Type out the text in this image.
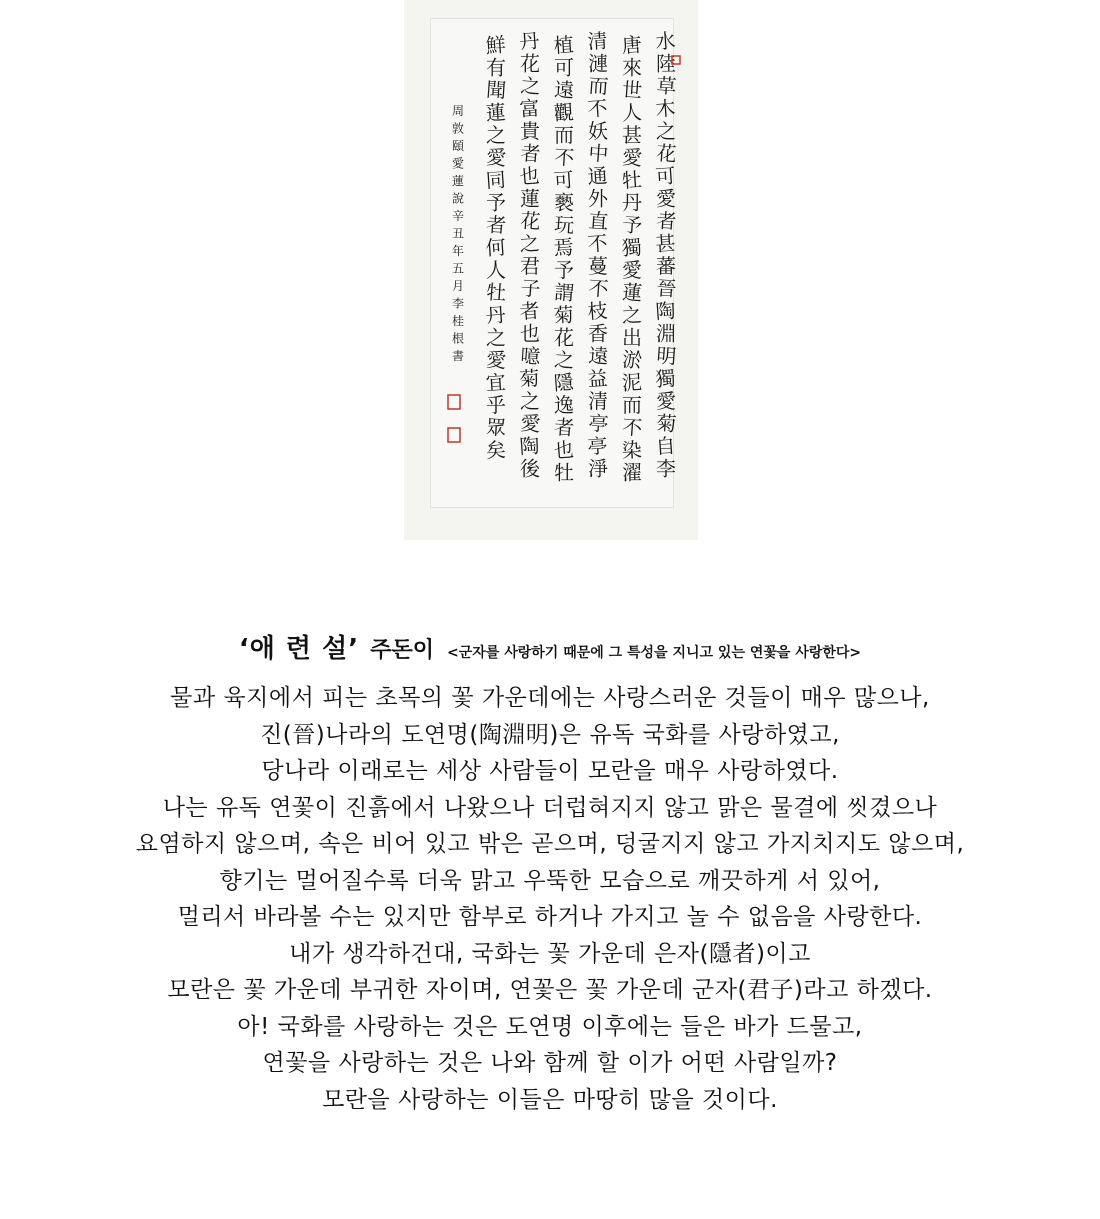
水
陸
草
木
之
花
可
愛
者
甚
蕃
晉
陶
淵
明
獨
愛
菊
自
李
唐
來
世
人
甚
愛
牡
丹
予
獨
愛
蓮
之
出
淤
泥
而
不
染
濯
清
漣
而
不
妖
中
通
外
直
不
蔓
不
枝
香
遠
益
清
亭
亭
淨
植
可
遠
觀
而
不
可
褻
玩
焉
予
謂
菊
花
之
隱
逸
者
也
牡
丹
花
之
富
貴
者
也
蓮
花
之
君
子
者
也
噫
菊
之
愛
陶
後
鮮
有
聞
蓮
之
愛
同
予
者
何
人
牡
丹
之
愛
宜
乎
眾
矣
周
敦
頤
愛
蓮
說
辛
丑
年
五
月
李
桂
根
書
‘애 련 설’ 주돈이 <군자를 사랑하기 때문에 그 특성을 지니고 있는 연꽃을 사랑한다>
물과 육지에서 피는 초목의 꽃 가운데에는 사랑스러운 것들이 매우 많으나,
진(晉)나라의 도연명(陶淵明)은 유독 국화를 사랑하였고,
당나라 이래로는 세상 사람들이 모란을 매우 사랑하였다.
나는 유독 연꽃이 진흙에서 나왔으나 더럽혀지지 않고 맑은 물결에 씻겼으나
요염하지 않으며, 속은 비어 있고 밖은 곧으며, 덩굴지지 않고 가지치지도 않으며,
향기는 멀어질수록 더욱 맑고 우뚝한 모습으로 깨끗하게 서 있어,
멀리서 바라볼 수는 있지만 함부로 하거나 가지고 놀 수 없음을 사랑한다.
내가 생각하건대, 국화는 꽃 가운데 은자(隱者)이고
모란은 꽃 가운데 부귀한 자이며, 연꽃은 꽃 가운데 군자(君子)라고 하겠다.
아! 국화를 사랑하는 것은 도연명 이후에는 들은 바가 드물고,
연꽃을 사랑하는 것은 나와 함께 할 이가 어떤 사람일까?
모란을 사랑하는 이들은 마땅히 많을 것이다.
